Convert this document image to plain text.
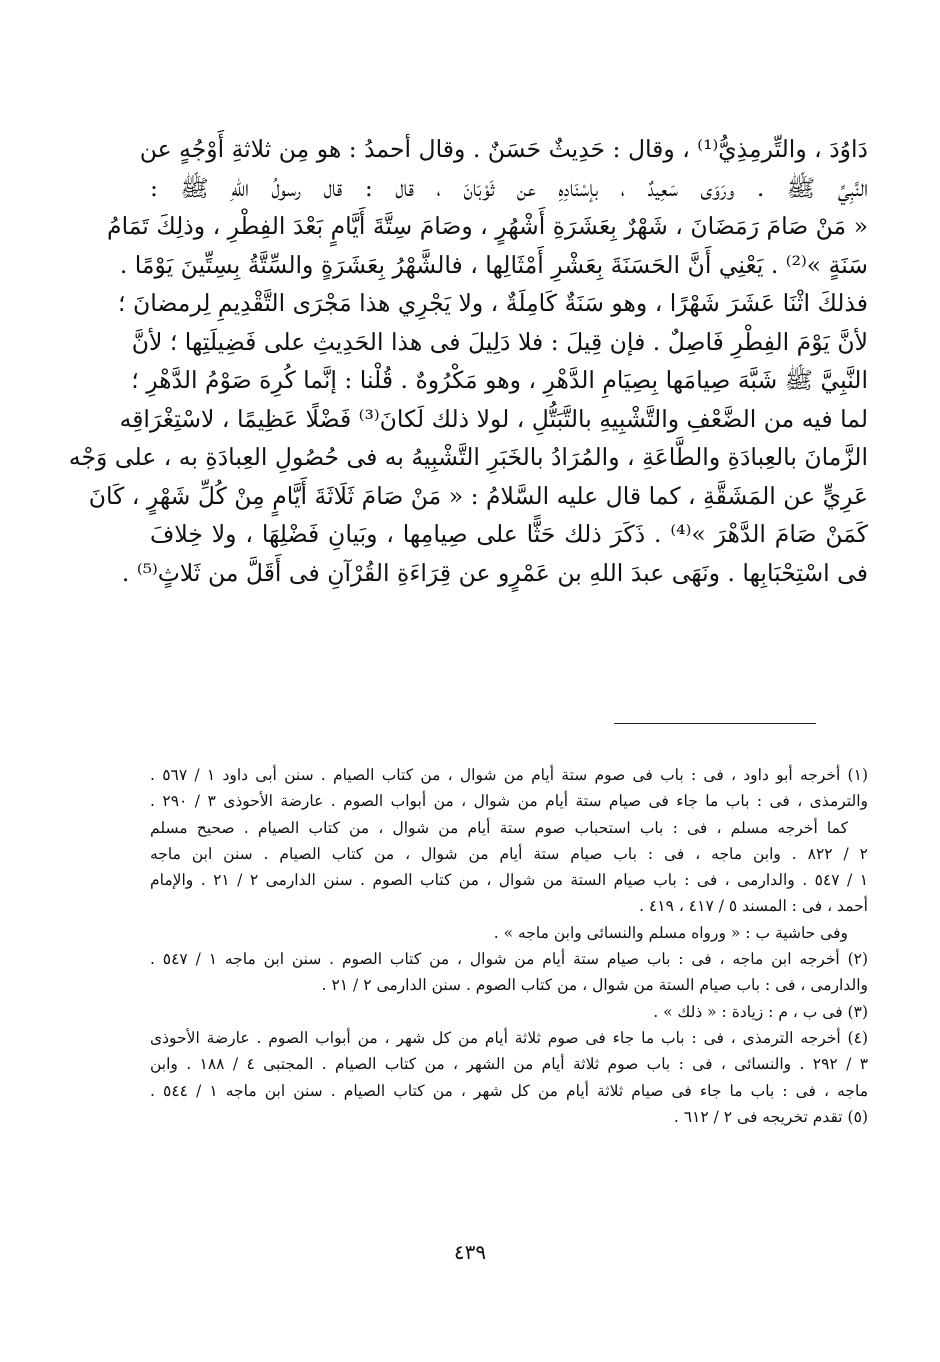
دَاوُدَ ، والتِّرمِذِيُّ⁽¹⁾ ، وقال : حَدِيثٌ حَسَنٌ . وقال أحمدُ : هو مِن ثلاثةِ أَوْجُهٍ عن
النَّبِيِّ ﷺ . ورَوَى سَعِيدٌ ، بإسْنَادِهِ عن ثَوْبَانَ ، قال : قال رسولُ اللهِ ﷺ :
« مَنْ صَامَ رَمَضَانَ ، شَهْرٌ بِعَشَرَةِ أَشْهُرٍ ، وصَامَ سِتَّةَ أَيَّامٍ بَعْدَ الفِطْرِ ، وذلِكَ تَمَامُ
سَنَةٍ »⁽²⁾ . يَعْنِي أَنَّ الحَسَنَةَ بِعَشْرِ أَمْثَالِها ، فالشَّهْرُ بِعَشَرَةٍ والسِّتَّةُ بِسِتِّينَ يَوْمًا .
فذلكَ اثْنَا عَشَرَ شَهْرًا ، وهو سَنَةٌ كَامِلَةٌ ، ولا يَجْرِي هذا مَجْرَى التَّقْدِيمِ لِرمضانَ ؛
لأنَّ يَوْمَ الفِطْرِ فَاصِلٌ . فإن قِيلَ : فلا دَلِيلَ فى هذا الحَدِيثِ على فَضِيلَتِها ؛ لأنَّ
النَّبِيَّ ﷺ شَبَّهَ صِيامَها بِصِيَامِ الدَّهْرِ ، وهو مَكْرُوهٌ . قُلْنا : إنَّما كُرِهَ صَوْمُ الدَّهْرِ ؛
لما فيه من الضَّعْفِ والتَّشْبِيهِ بالتَّبَتُّلِ ، لولا ذلك لَكانَ⁽³⁾ فَضْلًا عَظِيمًا ، لاسْتِغْرَاقِه
الزَّمانَ بالعِبادَةِ والطَّاعَةِ ، والمُرَادُ بالخَبَرِ التَّشْبِيهُ به فى حُصُولِ العِبادَةِ به ، على وَجْه
عَرِيٍّ عن المَشَقَّةِ ، كما قال عليه السَّلامُ : « مَنْ صَامَ ثَلَاثَةَ أَيَّامٍ مِنْ كُلِّ شَهْرٍ ، كَانَ
كَمَنْ صَامَ الدَّهْرَ »⁽⁴⁾ . ذَكَرَ ذلك حَثًّا على صِيامِها ، وبَيانِ فَضْلِهَا ، ولا خِلافَ
فى اسْتِحْبَابِها . ونَهَى عبدَ اللهِ بن عَمْرٍو عن قِرَاءَةِ القُرْآنِ فى أَقَلَّ من ثَلاثٍ⁽⁵⁾ .
(١) أخرجه أبو داود ، فى : باب فى صوم ستة أيام من شوال ، من كتاب الصيام . سنن أبى داود ١ / ٥٦٧ .
والترمذى ، فى : باب ما جاء فى صيام ستة أيام من شوال ، من أبواب الصوم . عارضة الأحوذى ٣ / ٢٩٠ .
كما أخرجه مسلم ، فى : باب استحباب صوم ستة أيام من شوال ، من كتاب الصيام . صحيح مسلم
٢ / ٨٢٢ . وابن ماجه ، فى : باب صيام ستة أيام من شوال ، من كتاب الصيام . سنن ابن ماجه
١ / ٥٤٧ . والدارمى ، فى : باب صيام الستة من شوال ، من كتاب الصوم . سنن الدارمى ٢ / ٢١ . والإمام
أحمد ، فى : المسند ٥ / ٤١٧ ، ٤١٩ .
وفى حاشية ب : « ورواه مسلم والنسائى وابن ماجه » .
(٢) أخرجه ابن ماجه ، فى : باب صيام ستة أيام من شوال ، من كتاب الصوم . سنن ابن ماجه ١ / ٥٤٧ .
والدارمى ، فى : باب صيام الستة من شوال ، من كتاب الصوم . سنن الدارمى ٢ / ٢١ .
(٣) فى ب ، م : زيادة : « ذلك » .
(٤) أخرجه الترمذى ، فى : باب ما جاء فى صوم ثلاثة أيام من كل شهر ، من أبواب الصوم . عارضة الأحوذى
٣ / ٢٩٢ . والنسائى ، فى : باب صوم ثلاثة أيام من الشهر ، من كتاب الصيام . المجتبى ٤ / ١٨٨ . وابن
ماجه ، فى : باب ما جاء فى صيام ثلاثة أيام من كل شهر ، من كتاب الصيام . سنن ابن ماجه ١ / ٥٤٤ .
(٥) تقدم تخريجه فى ٢ / ٦١٢ .
٤٣٩
